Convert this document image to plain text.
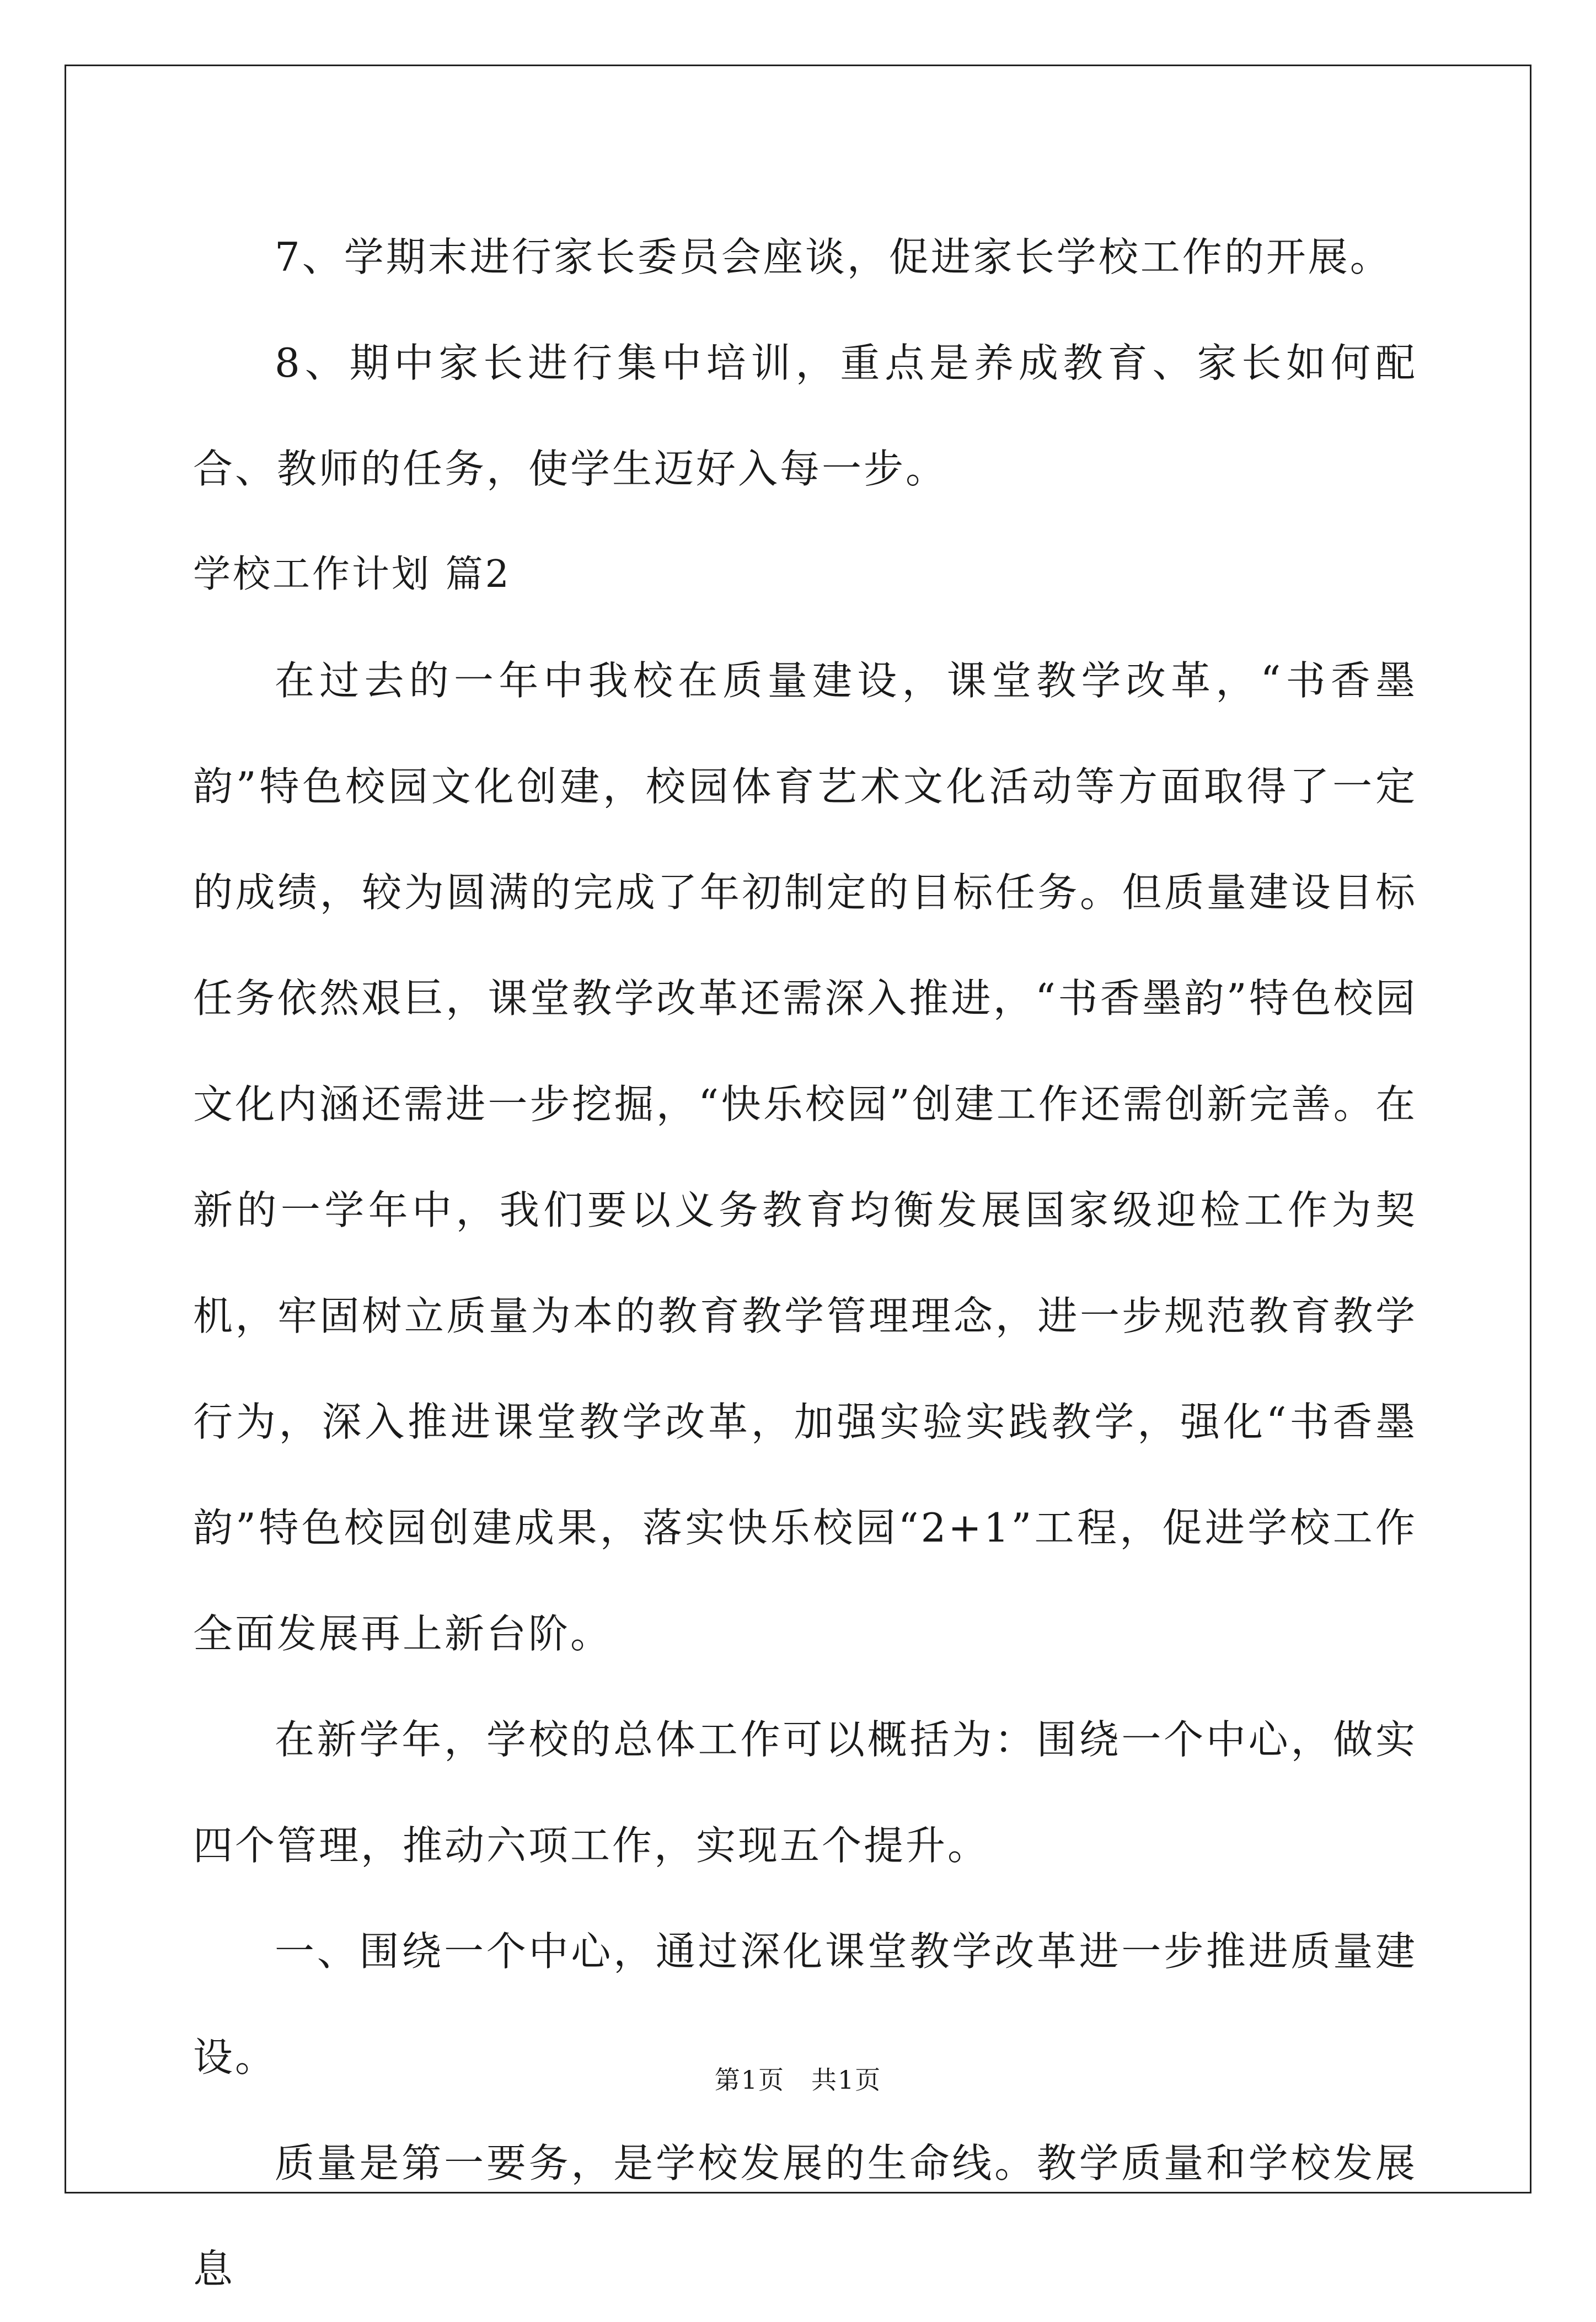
7、学期末进行家长委员会座谈，促进家长学校工作的开展。

8、期中家长进行集中培训，重点是养成教育、家长如何配合、教师的任务，使学生迈好入每一步。

学校工作计划 篇2

在过去的一年中我校在质量建设，课堂教学改革，“书香墨韵”特色校园文化创建，校园体育艺术文化活动等方面取得了一定的成绩，较为圆满的完成了年初制定的目标任务。但质量建设目标任务依然艰巨，课堂教学改革还需深入推进，“书香墨韵”特色校园文化内涵还需进一步挖掘，“快乐校园”创建工作还需创新完善。在新的一学年中，我们要以义务教育均衡发展国家级迎检工作为契机，牢固树立质量为本的教育教学管理理念，进一步规范教育教学行为，深入推进课堂教学改革，加强实验实践教学，强化“书香墨韵”特色校园创建成果，落实快乐校园“2+1”工程，促进学校工作全面发展再上新台阶。

在新学年，学校的总体工作可以概括为：围绕一个中心，做实四个管理，推动六项工作，实现五个提升。

一、围绕一个中心，通过深化课堂教学改革进一步推进质量建设。

质量是第一要务，是学校发展的生命线。教学质量和学校发展息

第1页　共1页
